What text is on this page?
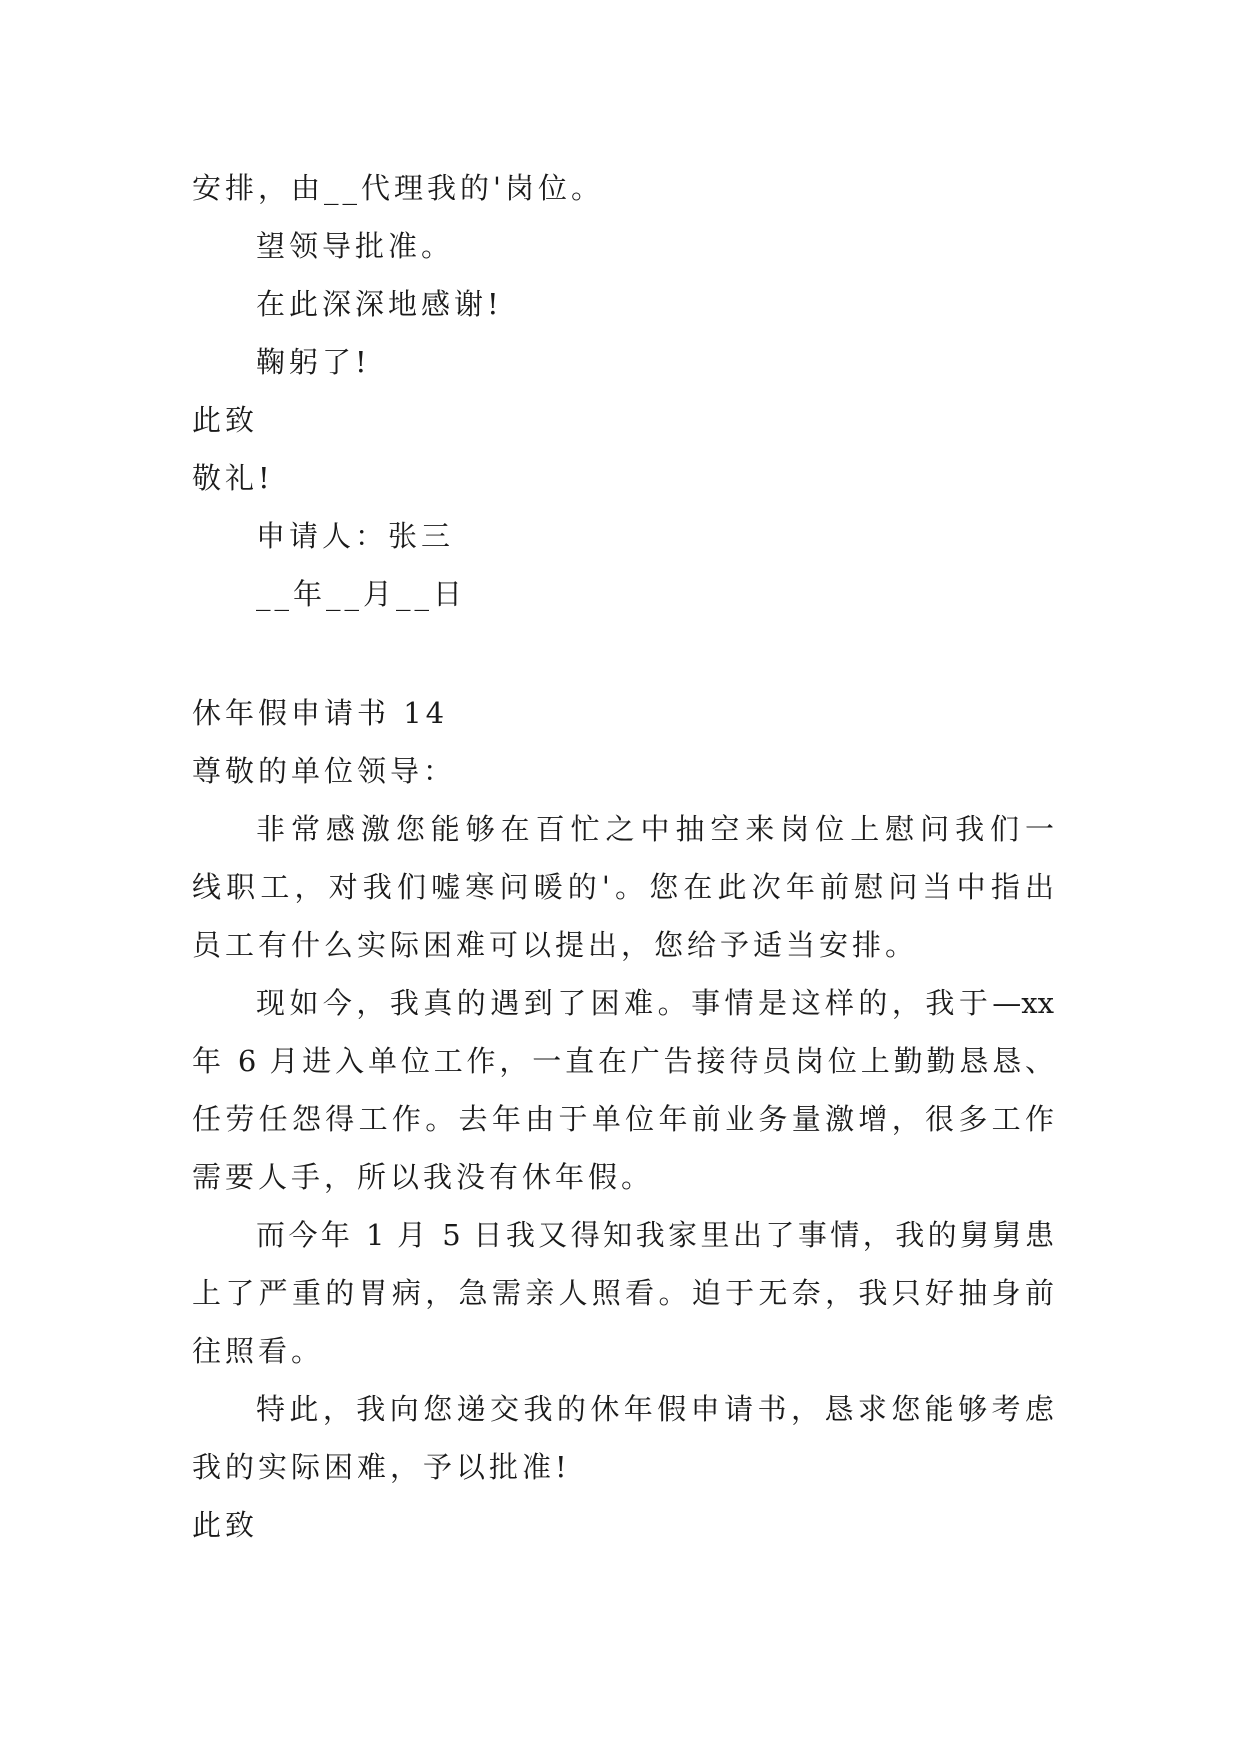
安排，由__代理我的'岗位。

望领导批准。

在此深深地感谢!

鞠躬了!

此致

敬礼!

申请人：张三

__年__月__日

休年假申请书 14

尊敬的单位领导：

非常感激您能够在百忙之中抽空来岗位上慰问我们一

线职工，对我们嘘寒问暖的'。您在此次年前慰问当中指出

员工有什么实际困难可以提出，您给予适当安排。

现如今，我真的遇到了困难。事情是这样的，我于—xx

年 6 月进入单位工作，一直在广告接待员岗位上勤勤恳恳、

任劳任怨得工作。去年由于单位年前业务量激增，很多工作

需要人手，所以我没有休年假。

而今年 1 月 5 日我又得知我家里出了事情，我的舅舅患

上了严重的胃病，急需亲人照看。迫于无奈，我只好抽身前

往照看。

特此，我向您递交我的休年假申请书，恳求您能够考虑

我的实际困难，予以批准!

此致
